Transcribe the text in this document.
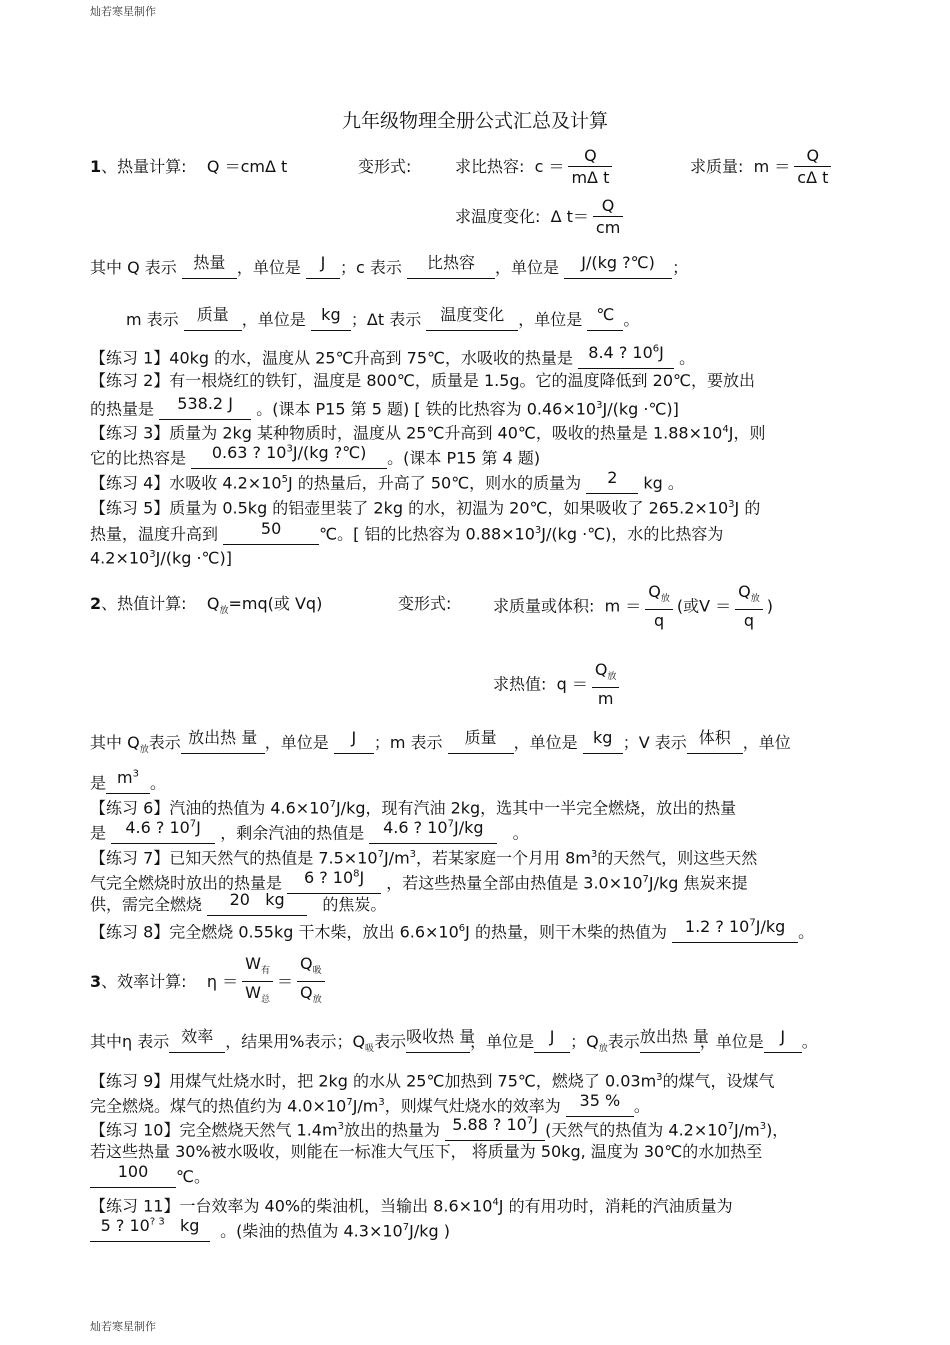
灿若寒星制作
灿若寒星制作
九年级物理全册公式汇总及计算
1、热量计算: Q ＝cmΔ t	变形式:	求比热容: $c = \frac{Q}{\text{mΔ t}}$	求质量: $m = \frac{Q}{\text{cΔ t}}$
求温度变化: Δ $t= \frac{Q}{cm}$
其中 Q 表示 热量 ，单位是 J ；c 表示 比热容 ，单位是 J/(kg ?℃) ；
m 表示 质量 ，单位是 kg ；Δt 表示 温度变化 ，单位是 ℃ 。
【练习 1】40kg 的水，温度从 25℃升高到 75℃，水吸收的热量是 8.4 ? $10^6J$ 。
【练习 2】有一根烧红的铁钉，温度是 800℃，质量是 1.5g。它的温度降低到 20℃，要放出
的热量是 538.2 J 。(课本 P15 第 5 题) [ 铁的比热容为 $0.46\times 10^3J/(kg$ ·℃)]
【练习 3】质量为 2kg 某种物质时，温度从 25℃升高到 40℃，吸收的热量是 $1.88\times 10^4J$，则
它的比热容是 0.63 ? $10^3J/(kg$ ?℃) 。(课本 P15 第 4 题)
【练习 4】水吸收 $4.2\times 10^5J$ 的热量后，升高了 50℃，则水的质量为 2 kg 。
【练习 5】质量为 0.5kg 的铝壶里装了 2kg 的水，初温为 20℃，如果吸收了 $265.2\times 10^3J$ 的
热量，温度升高到	50 ℃。[ 铝的比热容为 $0.88\times 10^3J/(kg$ ·℃)，水的比热容为
$4.2\times 10^3J/(kg$ ·℃)]
2、热值计算: $Q_放=mq$(或 Vq)	变形式:	求质量或体积: $m = \frac{Q_放}{q}$ (或$V = \frac{Q_放}{q}$ )
求热值: $q = \frac{Q_放}{m}$
其中 $Q_放$表示 放出热 量 ，单位是 J ；m 表示 质量 ，单位是 kg ；V 表示 体积 ，单位
是 $m^3$ 。
【练习 6】汽油的热值为 $4.6\times 10^7J/kg$，现有汽油 2kg，选其中一半完全燃烧，放出的热量
是 4.6 ? $10^7J$ ，剩余汽油的热值是 4.6 ? $10^7J/kg$ 。
【练习 7】已知天然气的热值是 $7.5\times 10^7J/m^3$，若某家庭一个月用 $8m^3$的天然气，则这些天然
气完全燃烧时放出的热量是 6 ? $10^8J$ ，若这些热量全部由热值是 $3.0\times 10^7J/kg$ 焦炭来提
供，需完全燃烧 20 kg 的焦炭。
【练习 8】完全燃烧 0.55kg 干木柴，放出 $6.6\times 10^6J$ 的热量，则干木柴的热值为 1.2 ? $10^7J/kg$ 。
3、效率计算: $\eta = \frac{W_有}{W_总} = \frac{Q_吸}{Q_放}$
其中η 表示 效率 ，结果用%表示；$Q_吸$表示吸收热 量，单位是 J ；$Q_放$表示放出热 量，单位是 J 。
【练习 9】用煤气灶烧水时，把 2kg 的水从 25℃加热到 75℃，燃烧了 $0.03m^3$的煤气，设煤气
完全燃烧。煤气的热值约为 $4.0\times 10^7J/m^3$，则煤气灶烧水的效率为 35 % 。
【练习 10】完全燃烧天然气 $1.4m^3$放出的热量为 5.88 ? $10^7J$ (天然气的热值为 $4.2\times 10^7J/m^3$)，
若这些热量 30%被水吸收，则能在一标准大气压下， 将质量为 50kg, 温度为 30℃的水加热至
100 ℃。
【练习 11】一台效率为 40%的柴油机，当输出 $8.6\times 10^4J$ 的有用功时，消耗的汽油质量为
5 ? $10^{? 3}$ kg 。(柴油的热值为 $4.3\times 10^7J/kg$ )
